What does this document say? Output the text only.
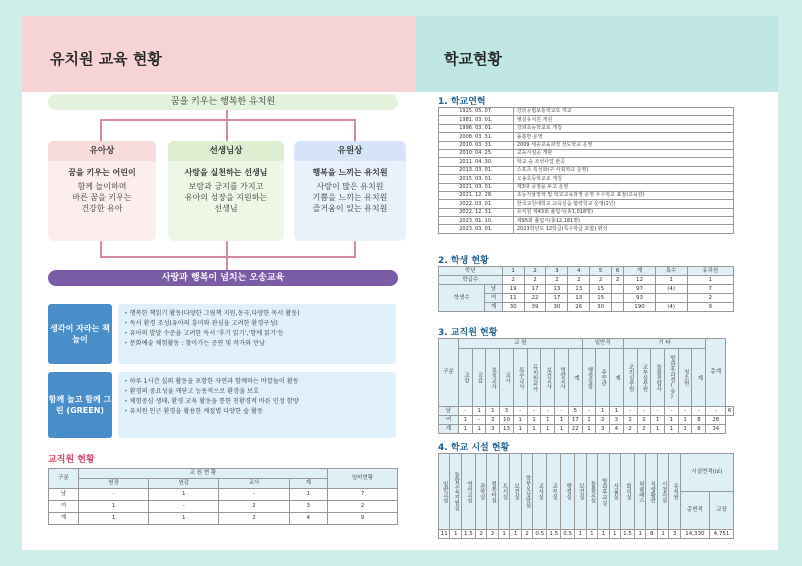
유치원 교육 현황
꿈을 키우는 행복한 유치원
유아상
꿈을 키우는 어린이
함께 놀이하며
바른 꿈을 키우는
건강한 유아
선생님상
사랑을 실천하는 선생님
보람과 긍지를 가지고
유아의 성장을 지원하는
선생님
유원상
행복을 느끼는 유치원
사랑이 많은 유치원
기쁨을 느끼는 유치원
즐거움이 있는 유치원
사랑과 행복이 넘치는 오송교육
생각이 자라는 책놀이
• 행복한 책읽기 활동(다양한 그림책 지원,동극,다양한 독서 활동)
• 독서 환경 조성(유아의 흥미와 관심을 고려한 환경구성)
• 유아의 발달 수준을 고려한 독서 '후기 읽기','함께 읽기'등
• 문화예술 체험활동 : 찾아가는 공연 및 작가와 만남
함께 놀고 함께 그린 (GREEN)
• 하루 1시간 실외 활동을 포함한 자연과 함께하는 바깥놀이 활동
• 환경의 중요성을 깨닫고 능동적으로 환경을 보호
• 체험중심 생태, 환경 교육 활동을 통한 친환경적 바른 인성 함양
• 유치원 인근 환경을 활용한 계절별 다양한 숲 활동
교직원 현황
구분	교 원 현 황				임비현황
	원장	원감	교사	계	
남	-	1	-	1	7
여	1	-	2	3	2
계	1	1	2	4	9
학교현황
1. 학교연혁
1925. 05. 07.	강외공립보통학교로 개교
1981. 03. 01.	병설유치원 개원
1996. 03. 01.	강외초등학교로 개칭
2008. 03. 31.	돌봄반 운영
2010. 03. 31.	2009 세종교육과정 선도학교 운영
2010. 04. 25.	교육시설공 개관
2011. 04. 30.	학교 숲 조성사업 완공
2013. 03. 01.	스포츠 특성화(구 사회학교 운영)
2015. 03. 01.	오송초등학교로 개칭
2021. 03. 01.	제3대 중점을 두고 운영
2021. 12. 28.	초등자율장학 및 학교교육과정 운영 우수학교 표창(교육감)
2022. 03. 01.	한국교원대학교 교육실습 협력학교 운영(2년)
2022. 12. 31.	유치원 제43회 졸업식(총1,018명)
2023. 01. 10.	제95회 졸업식(총12,181명)
2023. 03. 01.	2023학년도 12학급(특수학급 포함) 편성
2. 학생 현황
학년		1	2	3	4	5	6	계	특수	유치원
학급수		2	2	2	2	2	2	12	1	1
학생수	남	19	17	13	13	15		97	(4)	7
	여	11	22	17	13	15		93		2
	계	30	39	30	26	30		190	(4)	9
3. 교직원 현황
구분	교 원									일반직			기 타						총계	
	교장	교감	보직교사	교사	특수교사	유치원교사	보건교사	영양교사	계	행정실장	주무관	계	조리실무원	교무실무원	돌봄전담사	방과후과정(유)	청소원	계		
남	-	1	1	3	-	-	-	-	5	-	1	1	-	-	-	-	-	-	-	6
여	1	-	2	10	1	1	1	1	17	1	2	3	2	2	1	1	1	8	28	
계	1	1	3	13	1	1	1	1	22	1	3	4	2	2	1	1	1	8	34	
4. 학교 시설 현황
일반교실	통합교육지원실	영어교실	과학실	컴퓨터실	도서실	보건실	학부모상담실	교사실	교무실	행정실	보건실	돌봄교실	방과후교실	사물실	회의실	위클래스	식생활관	시청각실	유치원	시설면적(㎡)	
																				총면적	교장
11	1	1.5	2	2	1	1	2	0.5	1.5	0.5	1	1	1	1	1.5	1	8	1	3	14,330	4,751
